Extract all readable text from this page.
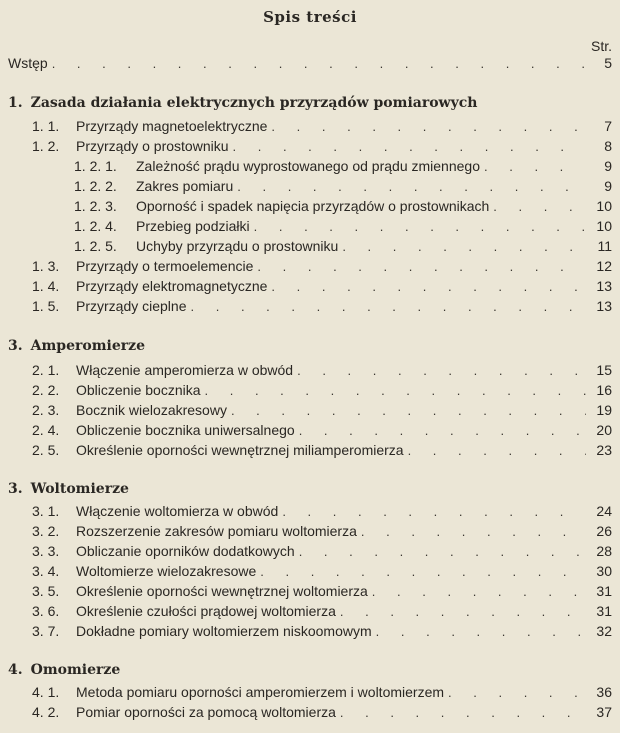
Spis treści
Str.
Wstęp . . .	5
1. Zasada działania elektrycznych przyrządów pomiarowych
1. 1.	Przyrządy magnetoelektryczne . . .	7
1. 2.	Przyrządy o prostowniku . . .	8
1. 2. 1.	Zależność prądu wyprostowanego od prądu zmiennego . . .	9
1. 2. 2.	Zakres pomiaru . . .	9
1. 2. 3.	Oporność i spadek napięcia przyrządów o prostownikach . . .	10
1. 2. 4.	Przebieg podziałki . . .	10
1. 2. 5.	Uchyby przyrządu o prostowniku . . .	11
1. 3.	Przyrządy o termoelemencie . . .	12
1. 4.	Przyrządy elektromagnetyczne . . .	13
1. 5.	Przyrządy cieplne . . .	13
3. Amperomierze
2. 1.	Włączenie amperomierza w obwód . . .	15
2. 2.	Obliczenie bocznika . . .	16
2. 3.	Bocznik wielozakresowy . . .	19
2. 4.	Obliczenie bocznika uniwersalnego . . .	20
2. 5.	Określenie oporności wewnętrznej miliamperomierza . . .	23
3. Woltomierze
3. 1.	Włączenie woltomierza w obwód . . .	24
3. 2.	Rozszerzenie zakresów pomiaru woltomierza . . .	26
3. 3.	Obliczanie oporników dodatkowych . . .	28
3. 4.	Woltomierze wielozakresowe . . .	30
3. 5.	Określenie oporności wewnętrznej woltomierza . . .	31
3. 6.	Określenie czułości prądowej woltomierza . . .	31
3. 7.	Dokładne pomiary woltomierzem niskoomowym . . .	32
4. Omomierze
4. 1.	Metoda pomiaru oporności amperomierzem i woltomierzem . . .	36
4. 2.	Pomiar oporności za pomocą woltomierza . . .	37
